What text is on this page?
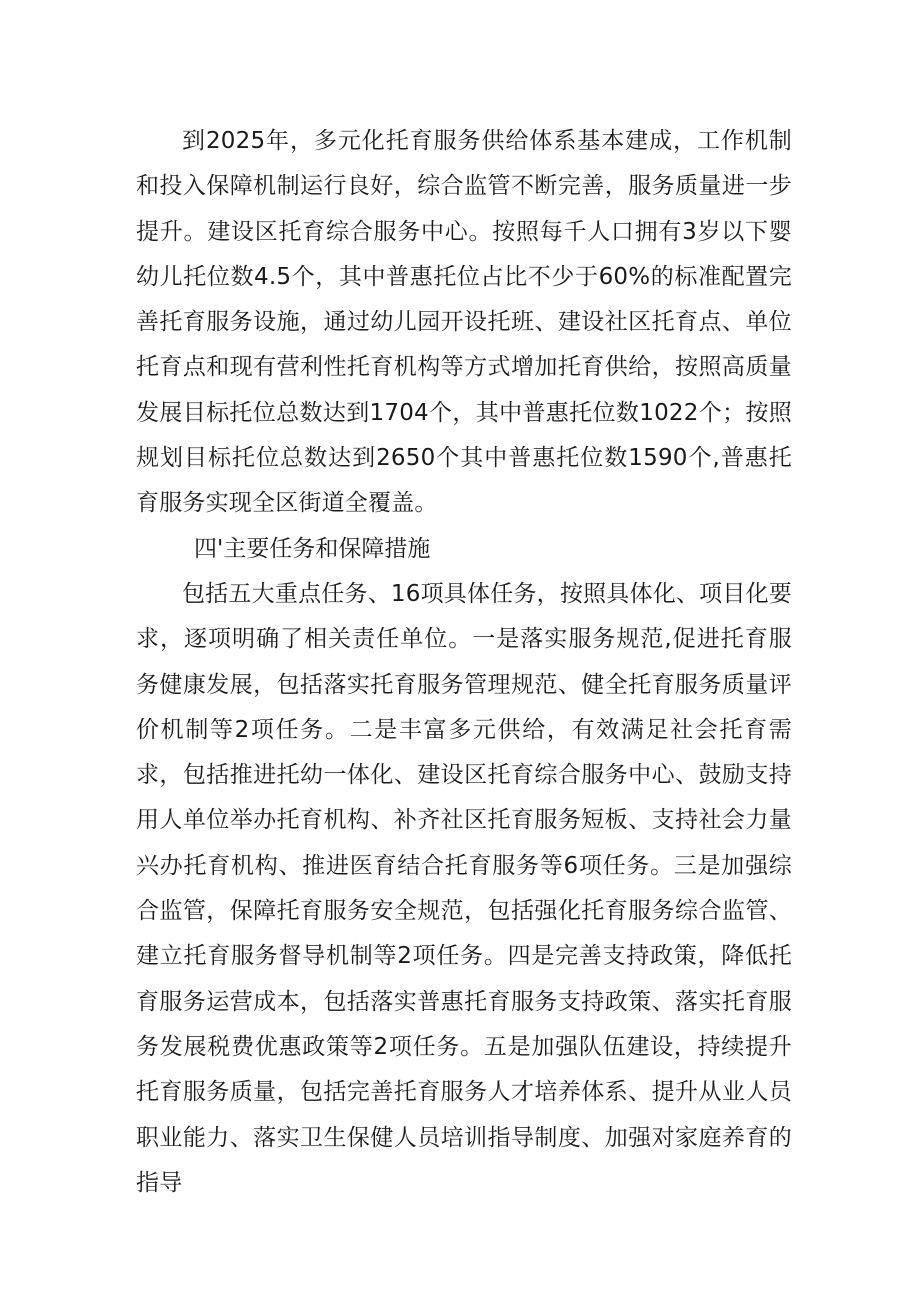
到2025年，多元化托育服务供给体系基本建成，工作机制和投入保障机制运行良好，综合监管不断完善，服务质量进一步提升。建设区托育综合服务中心。按照每千人口拥有3岁以下婴幼儿托位数4.5个，其中普惠托位占比不少于60%的标准配置完善托育服务设施，通过幼儿园开设托班、建设社区托育点、单位托育点和现有营利性托育机构等方式增加托育供给，按照高质量发展目标托位总数达到1704个，其中普惠托位数1022个；按照规划目标托位总数达到2650个其中普惠托位数1590个,普惠托育服务实现全区街道全覆盖。

四'主要任务和保障措施

包括五大重点任务、16项具体任务，按照具体化、项目化要求，逐项明确了相关责任单位。一是落实服务规范,促进托育服务健康发展，包括落实托育服务管理规范、健全托育服务质量评价机制等2项任务。二是丰富多元供给，有效满足社会托育需求，包括推进托幼一体化、建设区托育综合服务中心、鼓励支持用人单位举办托育机构、补齐社区托育服务短板、支持社会力量兴办托育机构、推进医育结合托育服务等6项任务。三是加强综合监管，保障托育服务安全规范，包括强化托育服务综合监管、建立托育服务督导机制等2项任务。四是完善支持政策，降低托育服务运营成本，包括落实普惠托育服务支持政策、落实托育服务发展税费优惠政策等2项任务。五是加强队伍建设，持续提升托育服务质量，包括完善托育服务人才培养体系、提升从业人员职业能力、落实卫生保健人员培训指导制度、加强对家庭养育的指导
